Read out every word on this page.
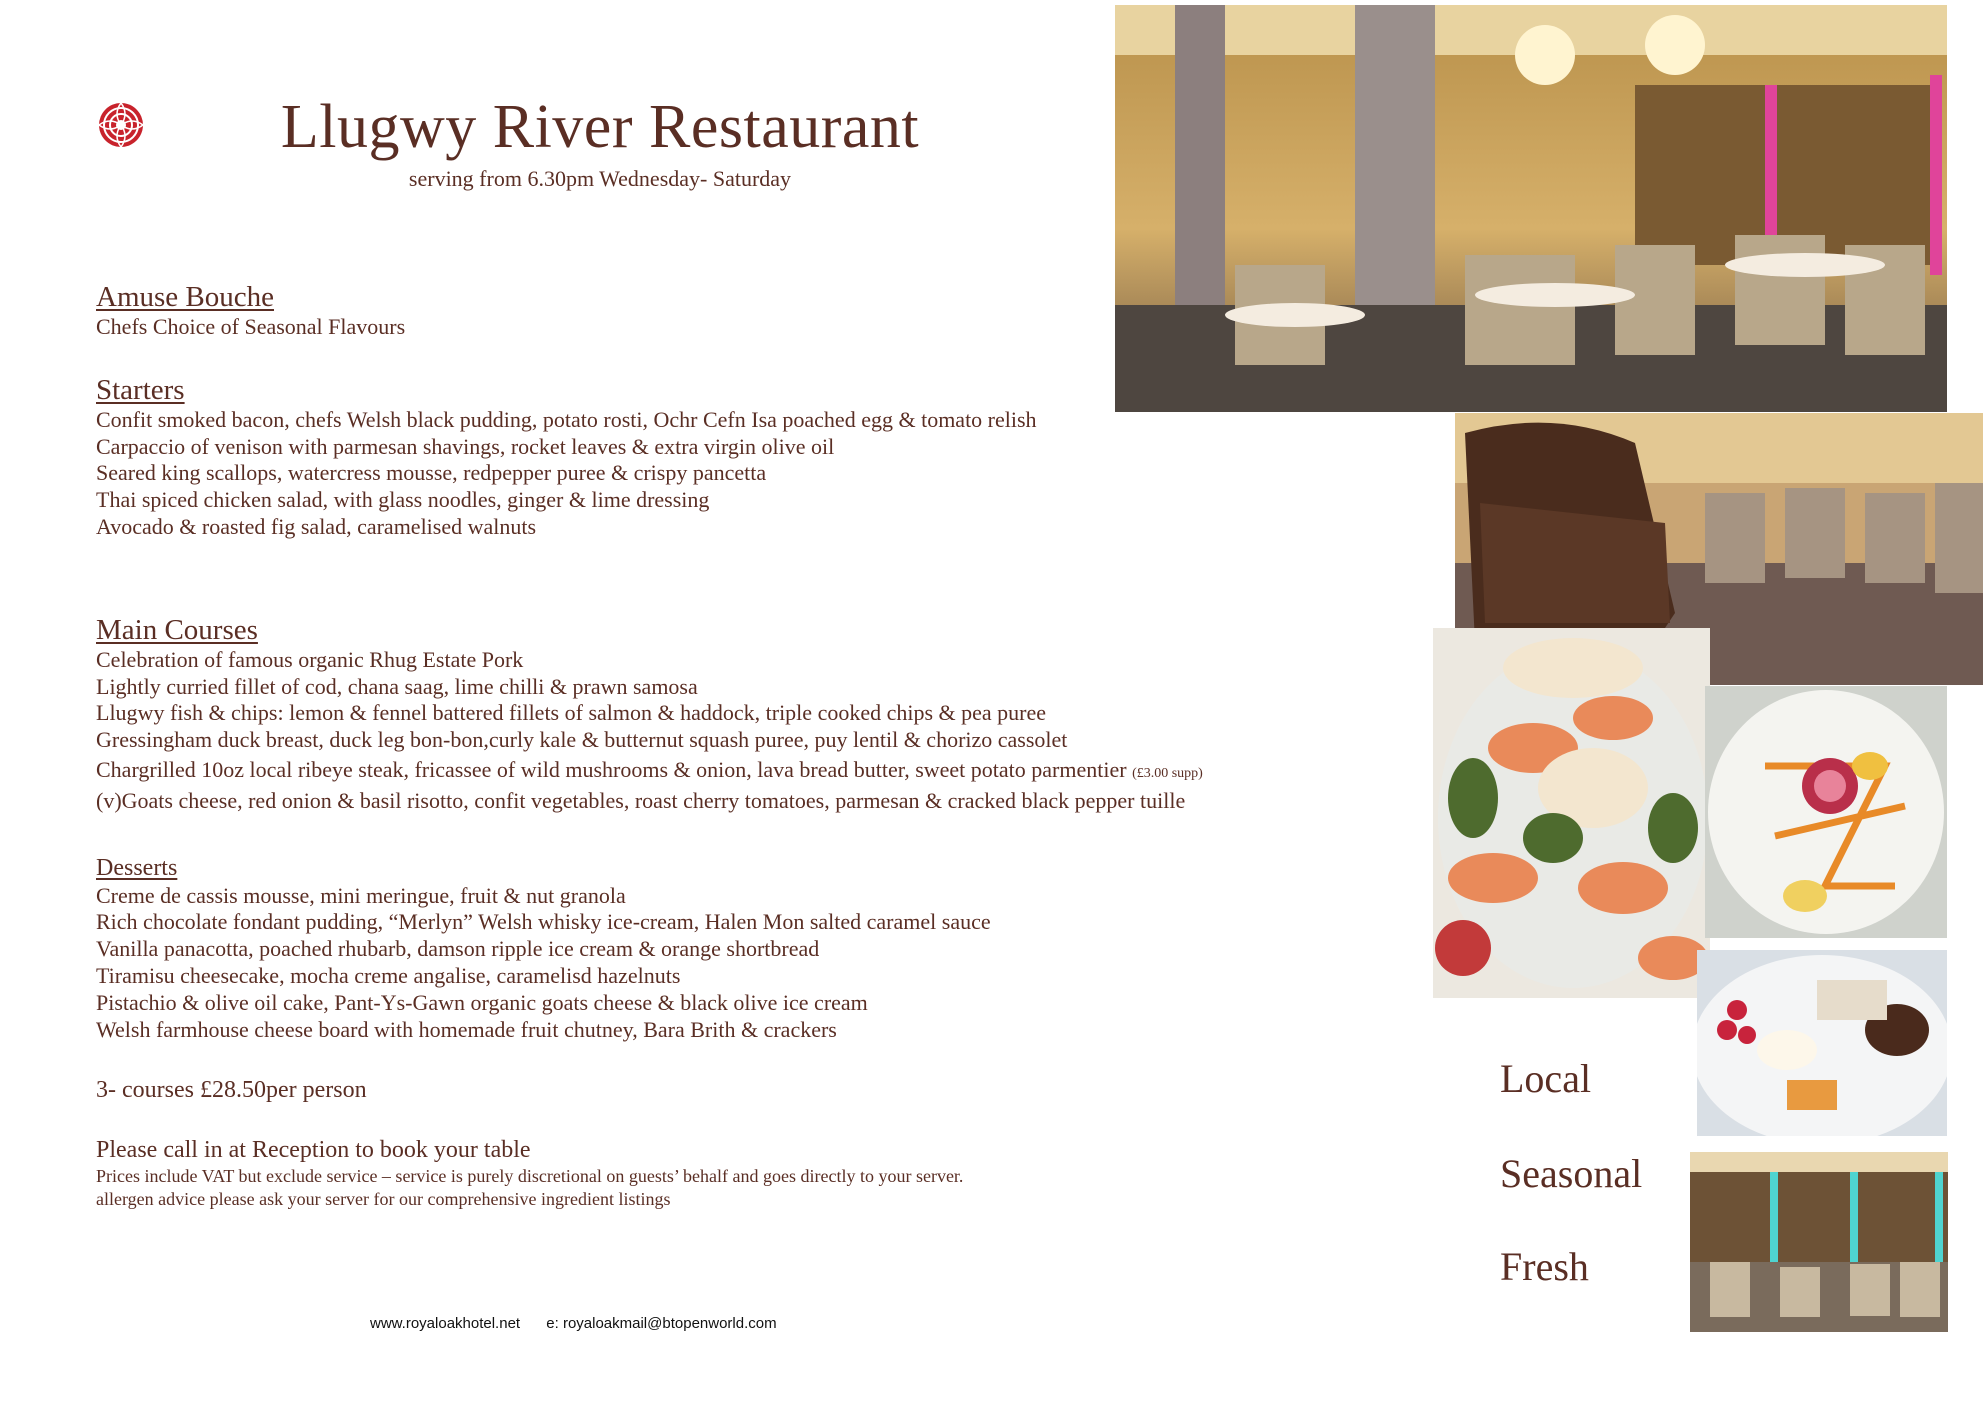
Llugwy River Restaurant
serving from 6.30pm Wednesday- Saturday
Amuse Bouche
Chefs Choice of Seasonal Flavours
Starters
Confit smoked bacon, chefs Welsh black pudding, potato rosti, Ochr Cefn Isa poached egg & tomato relish
Carpaccio of venison with parmesan shavings, rocket leaves & extra virgin olive oil
Seared king scallops, watercress mousse, redpepper puree & crispy pancetta
Thai spiced chicken salad, with glass noodles, ginger & lime dressing
Avocado & roasted fig salad, caramelised walnuts
Main Courses
Celebration of famous organic Rhug Estate Pork
Lightly curried fillet of cod, chana saag, lime chilli & prawn samosa
Llugwy fish & chips: lemon & fennel battered fillets of salmon & haddock, triple cooked chips & pea puree
Gressingham duck breast, duck leg bon-bon,curly kale & butternut squash puree, puy lentil & chorizo cassolet
Chargrilled 10oz local ribeye steak, fricassee of wild mushrooms & onion, lava bread butter, sweet potato parmentier (£3.00 supp)
(v)Goats cheese, red onion & basil risotto, confit vegetables, roast cherry tomatoes, parmesan & cracked black pepper tuille
Desserts
Creme de cassis mousse, mini meringue, fruit & nut granola
Rich chocolate fondant pudding, “Merlyn” Welsh whisky ice-cream, Halen Mon salted caramel sauce
Vanilla panacotta, poached rhubarb, damson ripple ice cream & orange shortbread
Tiramisu cheesecake, mocha creme angalise, caramelisd hazelnuts
Pistachio & olive oil cake, Pant-Ys-Gawn organic goats cheese & black olive ice cream
Welsh farmhouse cheese board with homemade fruit chutney, Bara Brith & crackers
3- courses £28.50per person
Please call in at Reception to book your table
Prices include VAT but exclude service – service is purely discretional on guests’ behalf and goes directly to your server.
allergen advice please ask your server for our comprehensive ingredient listings
www.royaloakhotel.net e: royaloakmail@btopenworld.com
Local
Seasonal
Fresh
